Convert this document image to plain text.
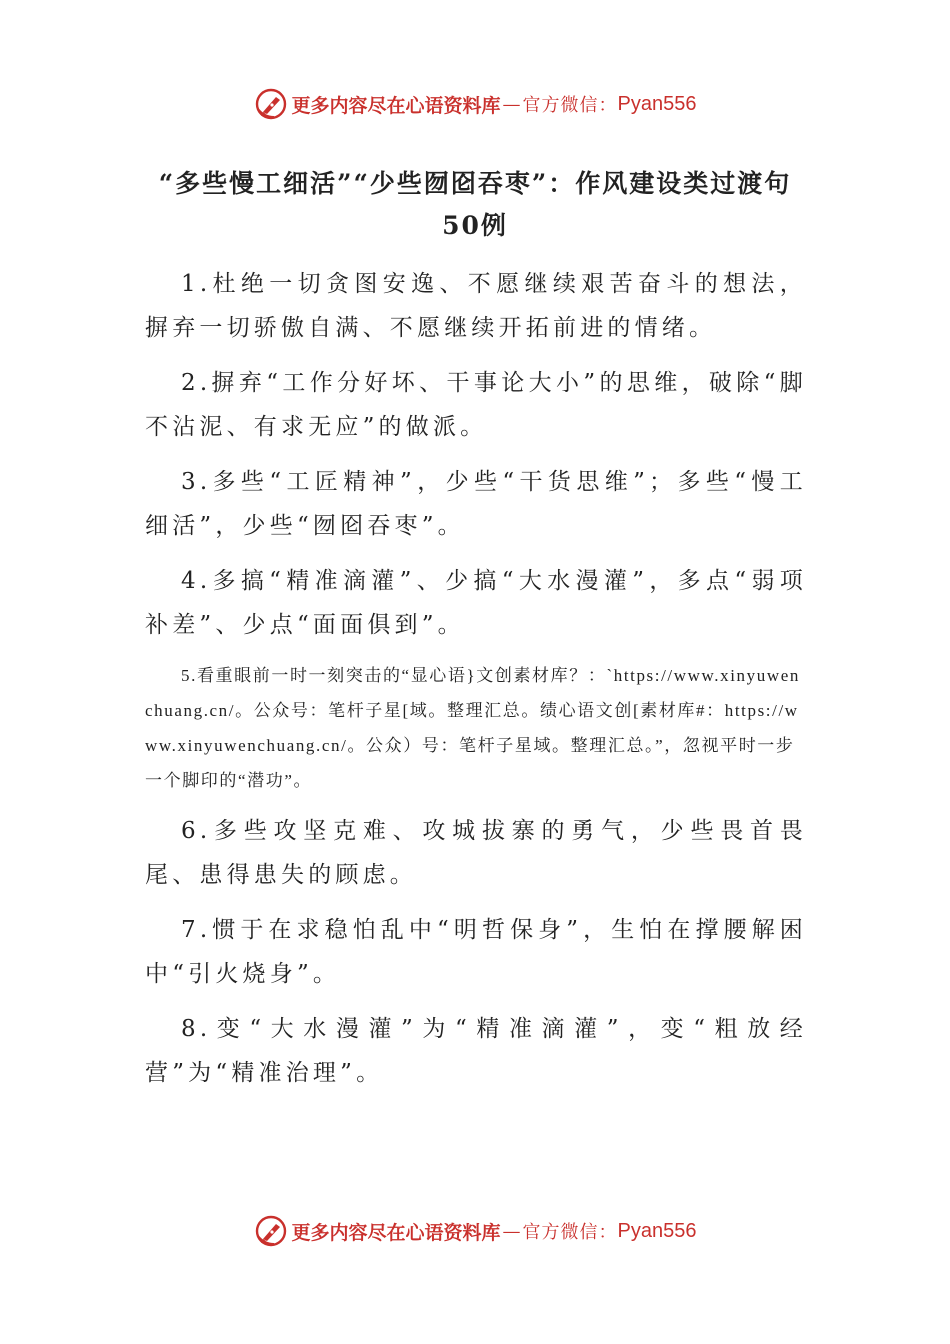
更多内容尽在心语资料库 — 官方微信： Pyan556
“多些慢工细活”“少些囫囵吞枣”：作风建设类过渡句
50例

1.杜绝一切贪图安逸、不愿继续艰苦奋斗的想法，摒弃一切骄傲自满、不愿继续开拓前进的情绪。

2.摒弃“工作分好坏、干事论大小”的思维，破除“脚不沾泥、有求无应”的做派。

3.多些“工匠精神”，少些“干货思维”；多些“慢工细活”，少些“囫囵吞枣”。

4.多搞“精准滴灌”、少搞“大水漫灌”，多点“弱项补差”、少点“面面俱到”。

5.看重眼前一时一刻突击的“显心语}文创素材库？：`https://www.xinyuwenchuang.cn/。公众号：笔杆子星[域。整理汇总。绩心语文创[素材库#：https://www.xinyuwenchuang.cn/。公众）号：笔杆子星域。整理汇总。”，忽视平时一步一个脚印的“潜功”。

6.多些攻坚克难、攻城拔寨的勇气，少些畏首畏尾、患得患失的顾虑。

7.惯于在求稳怕乱中“明哲保身”，生怕在撑腰解困中“引火烧身”。

8.变“大水漫灌”为“精准滴灌”，变“粗放经营”为“精准治理”。

更多内容尽在心语资料库 — 官方微信： Pyan556
